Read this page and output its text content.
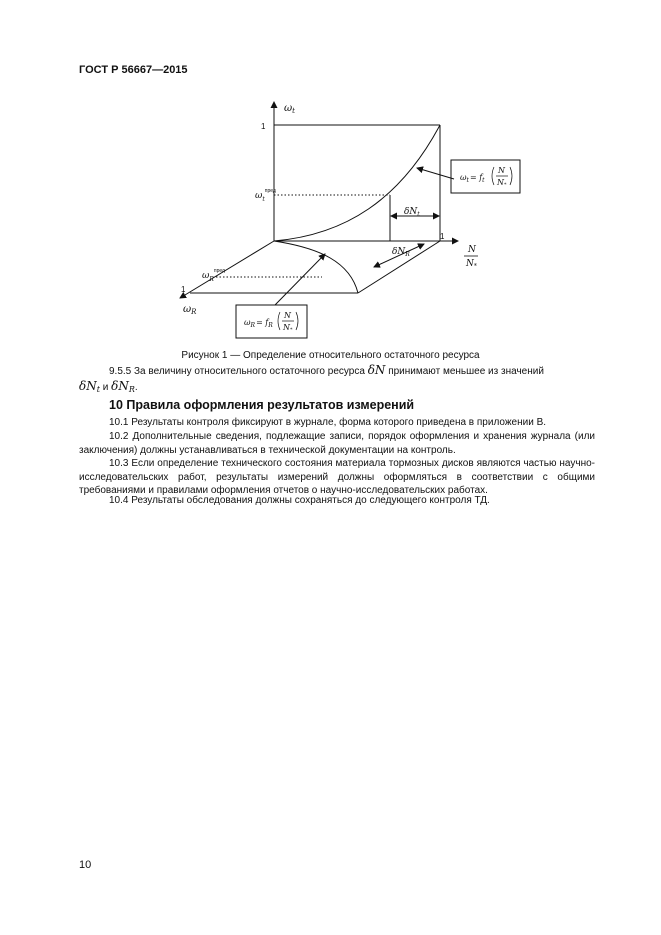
ГОСТ Р 56667—2015
$\omega_t$
1
$\omega_t^{пред}$
1
N
$N_*$
$\delta N_t$
$\delta N_R$
$\omega_R^{пред}$
1
$\omega_R$
$\omega_t= f_t$
N
N*
$\omega_R= f_R$
N
N*
Рисунок 1 — Определение относительного остаточного ресурса

9.5.5 За величину относительного остаточного ресурса δN принимают меньшее из значений

$\delta N_t$ и $\delta N_R$.

10 Правила оформления результатов измерений

10.1 Результаты контроля фиксируют в журнале, форма которого приведена в приложении В.

10.2 Дополнительные сведения, подлежащие записи, порядок оформления и хранения журнала (или заключения) должны устанавливаться в технической документации на контроль.

10.3 Если определение технического состояния материала тормозных дисков являются частью научно-исследовательских работ, результаты измерений должны оформляться в соответствии с общими требованиями и правилами оформления отчетов о научно-исследовательских работах.

10.4 Результаты обследования должны сохраняться до следующего контроля ТД.

10
